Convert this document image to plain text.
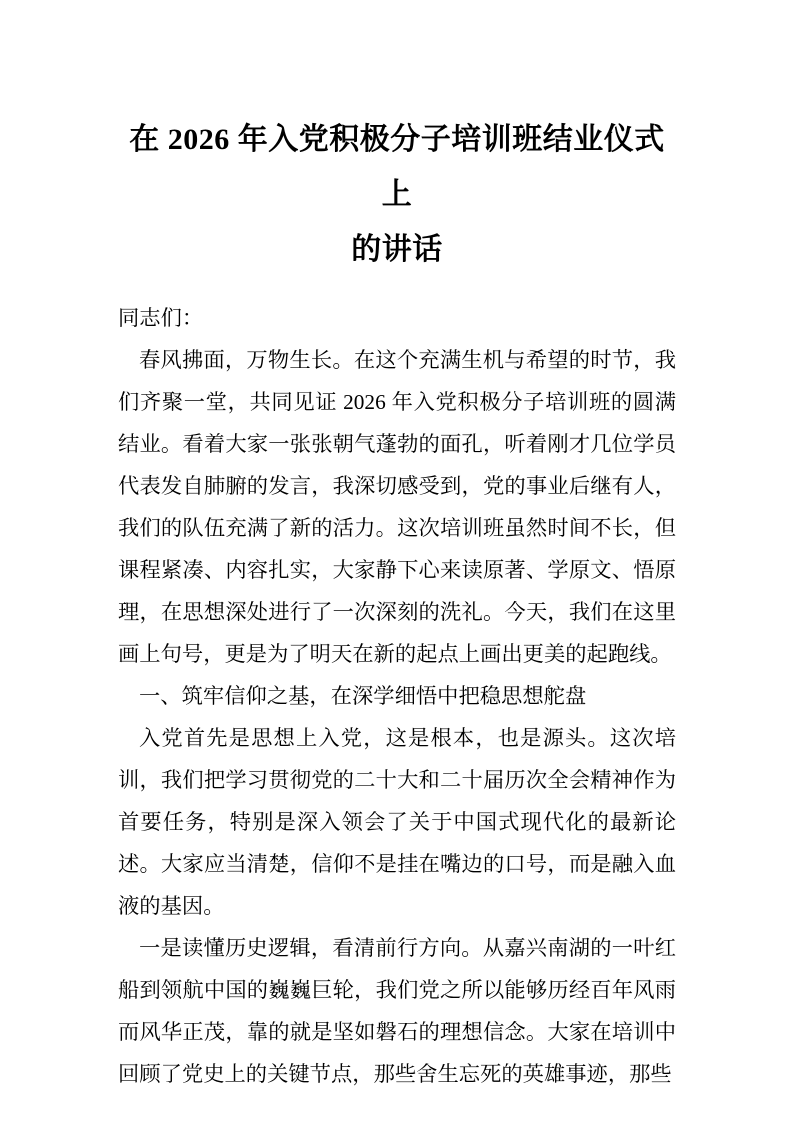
在 2026 年入党积极分子培训班结业仪式上
的讲话

同志们：

春风拂面，万物生长。在这个充满生机与希望的时节，我们齐聚一堂，共同见证 2026 年入党积极分子培训班的圆满结业。看着大家一张张朝气蓬勃的面孔，听着刚才几位学员代表发自肺腑的发言，我深切感受到，党的事业后继有人，我们的队伍充满了新的活力。这次培训班虽然时间不长，但课程紧凑、内容扎实，大家静下心来读原著、学原文、悟原理，在思想深处进行了一次深刻的洗礼。今天，我们在这里画上句号，更是为了明天在新的起点上画出更美的起跑线。

一、筑牢信仰之基，在深学细悟中把稳思想舵盘

入党首先是思想上入党，这是根本，也是源头。这次培训，我们把学习贯彻党的二十大和二十届历次全会精神作为首要任务，特别是深入领会了关于中国式现代化的最新论述。大家应当清楚，信仰不是挂在嘴边的口号，而是融入血液的基因。

一是读懂历史逻辑，看清前行方向。从嘉兴南湖的一叶红船到领航中国的巍巍巨轮，我们党之所以能够历经百年风雨而风华正茂，靠的就是坚如磐石的理想信念。大家在培训中回顾了党史上的关键节点，那些舍生忘死的英雄事迹，那些
